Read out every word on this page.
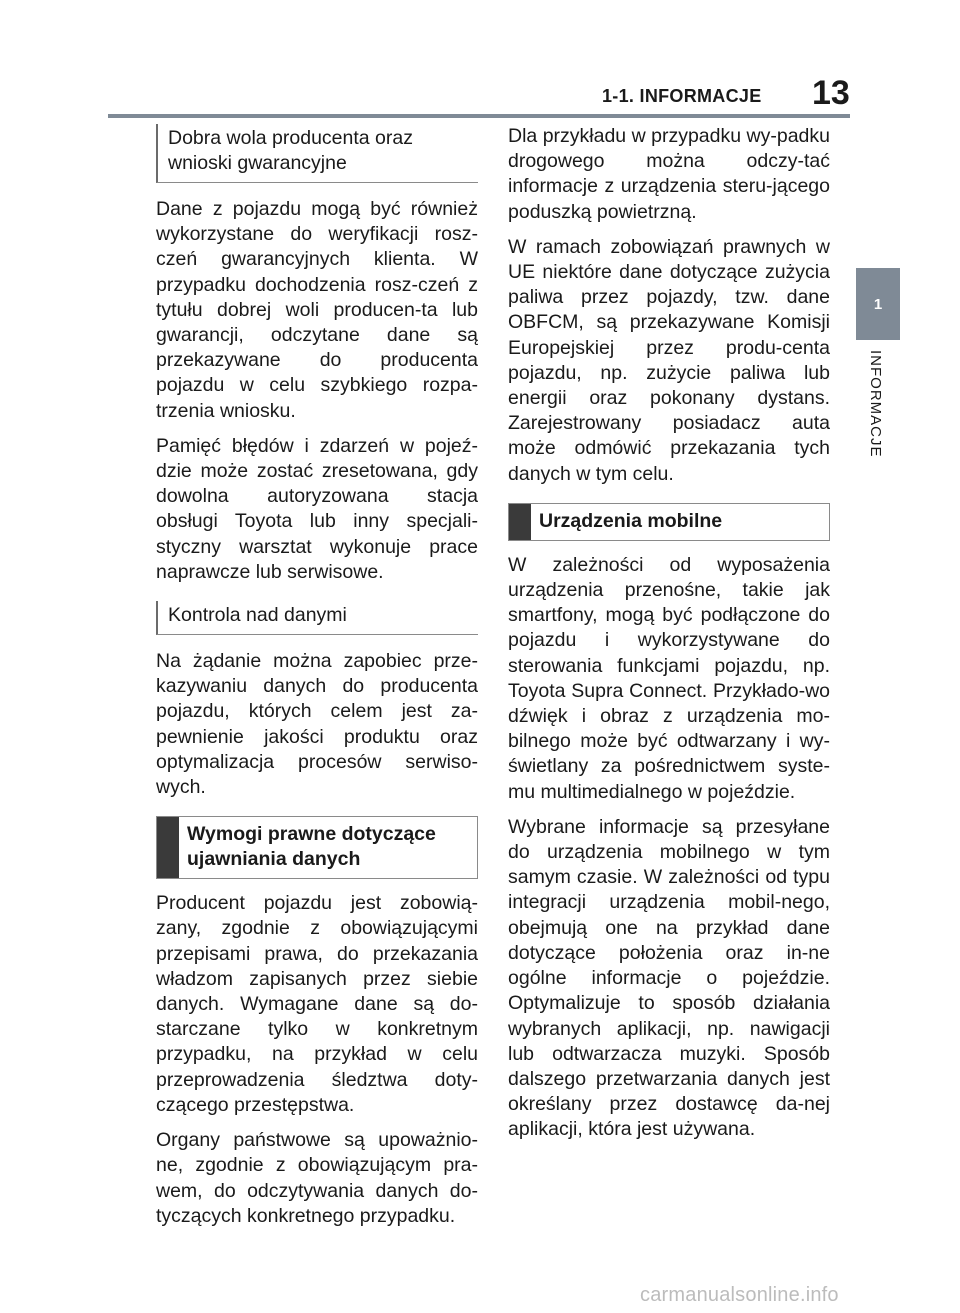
1-1. INFORMACJE 13
1
INFORMACJE
Dobra wola producenta oraz wnioski gwarancyjne

Dane z pojazdu mogą być również wykorzystane do weryfikacji rosz-czeń gwarancyjnych klienta. W przypadku dochodzenia rosz-czeń z tytułu dobrej woli producen-ta lub gwarancji, odczytane dane są przekazywane do producenta pojazdu w celu szybkiego rozpa-trzenia wniosku.

Pamięć błędów i zdarzeń w pojeź-dzie może zostać zresetowana, gdy dowolna autoryzowana stacja obsługi Toyota lub inny specjali-styczny warsztat wykonuje prace naprawcze lub serwisowe.

Kontrola nad danymi

Na żądanie można zapobiec prze-kazywaniu danych do producenta pojazdu, których celem jest za-pewnienie jakości produktu oraz optymalizacja procesów serwiso-wych.

Wymogi prawne dotyczące ujawniania danych

Producent pojazdu jest zobowią-zany, zgodnie z obowiązującymi przepisami prawa, do przekazania władzom zapisanych przez siebie danych. Wymagane dane są do-starczane tylko w konkretnym przypadku, na przykład w celu przeprowadzenia śledztwa doty-czącego przestępstwa.

Organy państwowe są upoważnio-ne, zgodnie z obowiązującym pra-wem, do odczytywania danych do-tyczących konkretnego przypadku.

Dla przykładu w przypadku wy-padku drogowego można odczy-tać informacje z urządzenia steru-jącego poduszką powietrzną.

W ramach zobowiązań prawnych w UE niektóre dane dotyczące zużycia paliwa przez pojazdy, tzw. dane OBFCM, są przekazywane Komisji Europejskiej przez produ-centa pojazdu, np. zużycie paliwa lub energii oraz pokonany dystans. Zarejestrowany posiadacz auta może odmówić przekazania tych danych w tym celu.

Urządzenia mobilne

W zależności od wyposażenia urządzenia przenośne, takie jak smartfony, mogą być podłączone do pojazdu i wykorzystywane do sterowania funkcjami pojazdu, np. Toyota Supra Connect. Przykłado-wo dźwięk i obraz z urządzenia mo-bilnego może być odtwarzany i wy-świetlany za pośrednictwem syste-mu multimedialnego w pojeździe.

Wybrane informacje są przesyłane do urządzenia mobilnego w tym samym czasie. W zależności od typu integracji urządzenia mobil-nego, obejmują one na przykład dane dotyczące położenia oraz in-ne ogólne informacje o pojeździe. Optymalizuje to sposób działania wybranych aplikacji, np. nawigacji lub odtwarzacza muzyki. Sposób dalszego przetwarzania danych jest określany przez dostawcę da-nej aplikacji, która jest używana.

carmanualsonline.info
